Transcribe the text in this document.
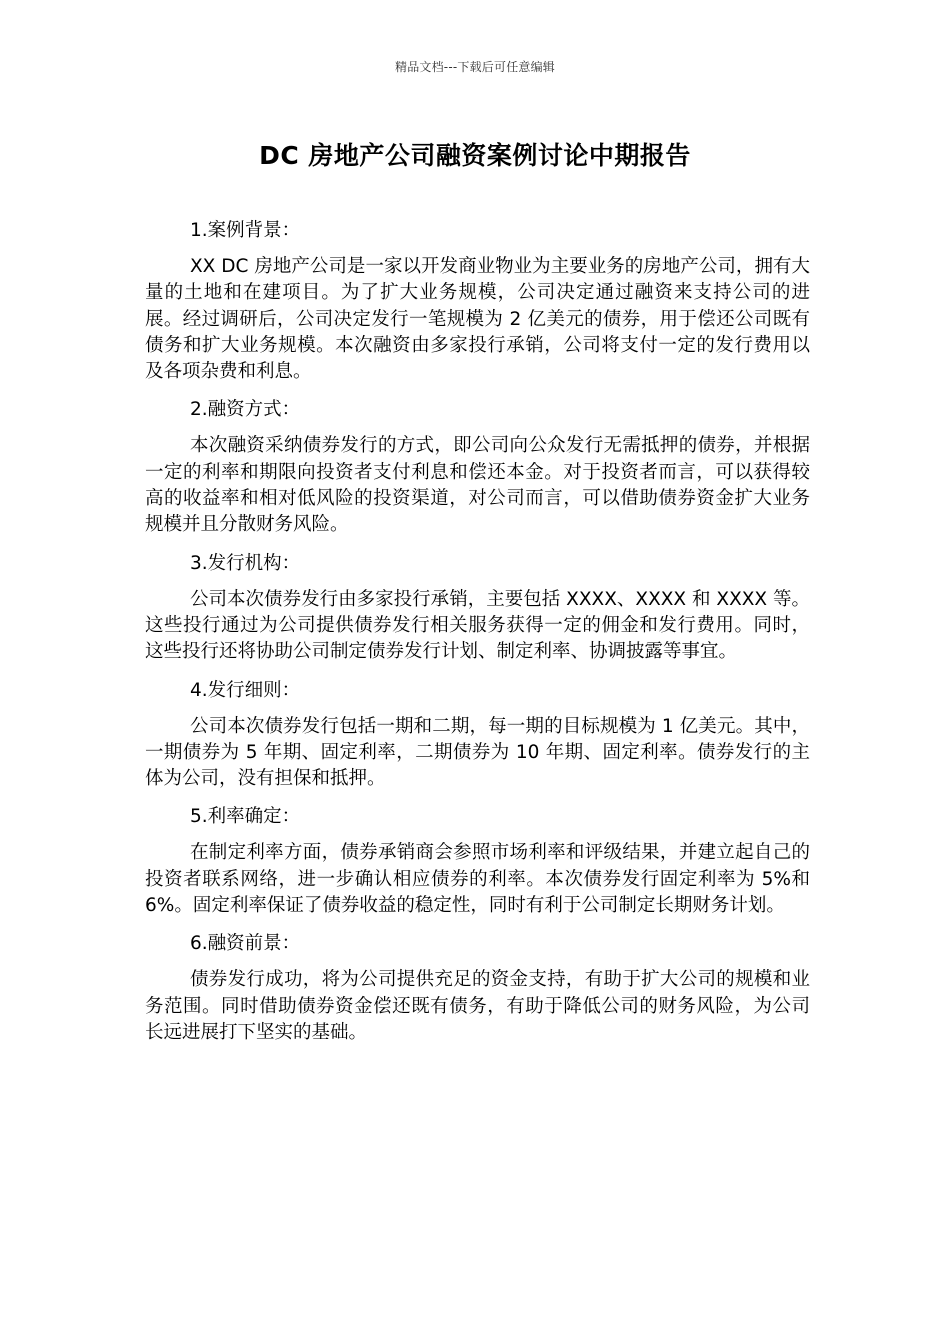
精品文档---下载后可任意编辑
DC 房地产公司融资案例讨论中期报告

1.案例背景：

XX DC 房地产公司是一家以开发商业物业为主要业务的房地产公司，拥有大量的土地和在建项目。为了扩大业务规模，公司决定通过融资来支持公司的进展。经过调研后，公司决定发行一笔规模为 2 亿美元的债券，用于偿还公司既有债务和扩大业务规模。本次融资由多家投行承销，公司将支付一定的发行费用以及各项杂费和利息。

2.融资方式：

本次融资采纳债券发行的方式，即公司向公众发行无需抵押的债券，并根据一定的利率和期限向投资者支付利息和偿还本金。对于投资者而言，可以获得较高的收益率和相对低风险的投资渠道，对公司而言，可以借助债券资金扩大业务规模并且分散财务风险。

3.发行机构：

公司本次债券发行由多家投行承销，主要包括 XXXX、XXXX 和 XXXX 等。这些投行通过为公司提供债券发行相关服务获得一定的佣金和发行费用。同时，这些投行还将协助公司制定债券发行计划、制定利率、协调披露等事宜。

4.发行细则：

公司本次债券发行包括一期和二期，每一期的目标规模为 1 亿美元。其中，一期债券为 5 年期、固定利率，二期债券为 10 年期、固定利率。债券发行的主体为公司，没有担保和抵押。

5.利率确定：

在制定利率方面，债券承销商会参照市场利率和评级结果，并建立起自己的投资者联系网络，进一步确认相应债券的利率。本次债券发行固定利率为 5%和 6%。固定利率保证了债券收益的稳定性，同时有利于公司制定长期财务计划。

6.融资前景：

债券发行成功，将为公司提供充足的资金支持，有助于扩大公司的规模和业务范围。同时借助债券资金偿还既有债务，有助于降低公司的财务风险，为公司长远进展打下坚实的基础。
